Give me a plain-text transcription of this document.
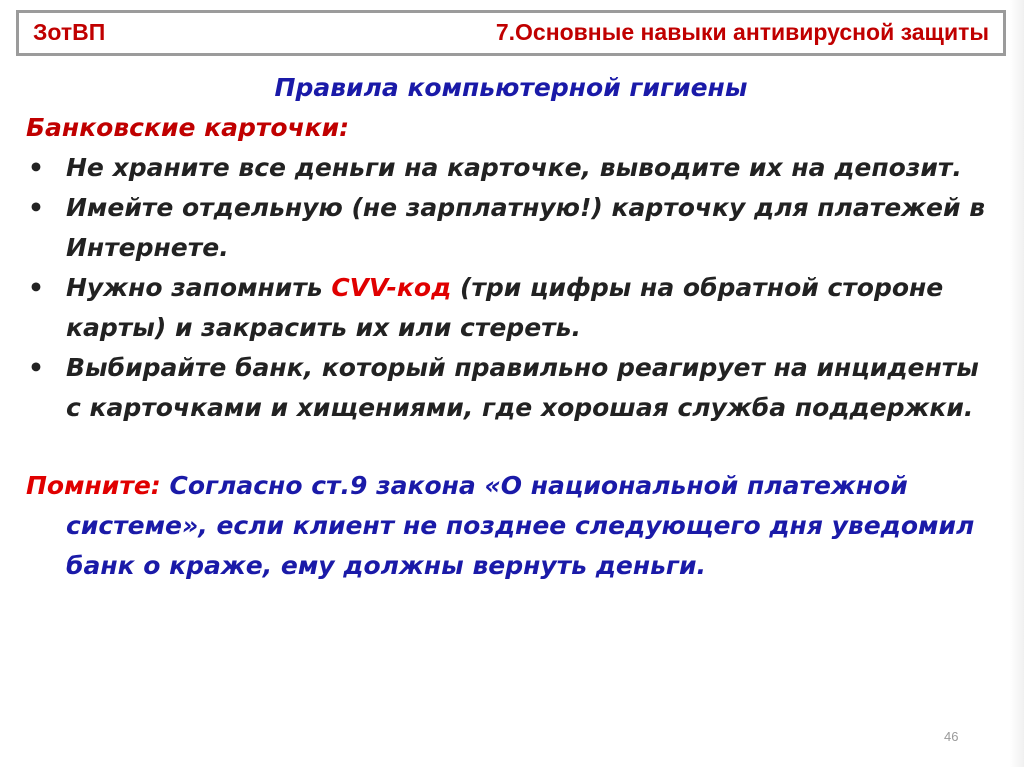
ЗотВП	7.Основные навыки антивирусной защиты

Правила компьютерной гигиены

Банковские карточки:

• Не храните все деньги на карточке, выводите их на депозит.
• Имейте отдельную (не зарплатную!) карточку для платежей в Интернете.
• Нужно запомнить CVV-код (три цифры на обратной стороне карты) и закрасить их или стереть.
• Выбирайте банк, который правильно реагирует на инциденты с карточками и хищениями, где хорошая служба поддержки.

Помните: Согласно ст.9 закона «О национальной платежной системе», если клиент не позднее следующего дня уведомил банк о краже, ему должны вернуть деньги.

46
